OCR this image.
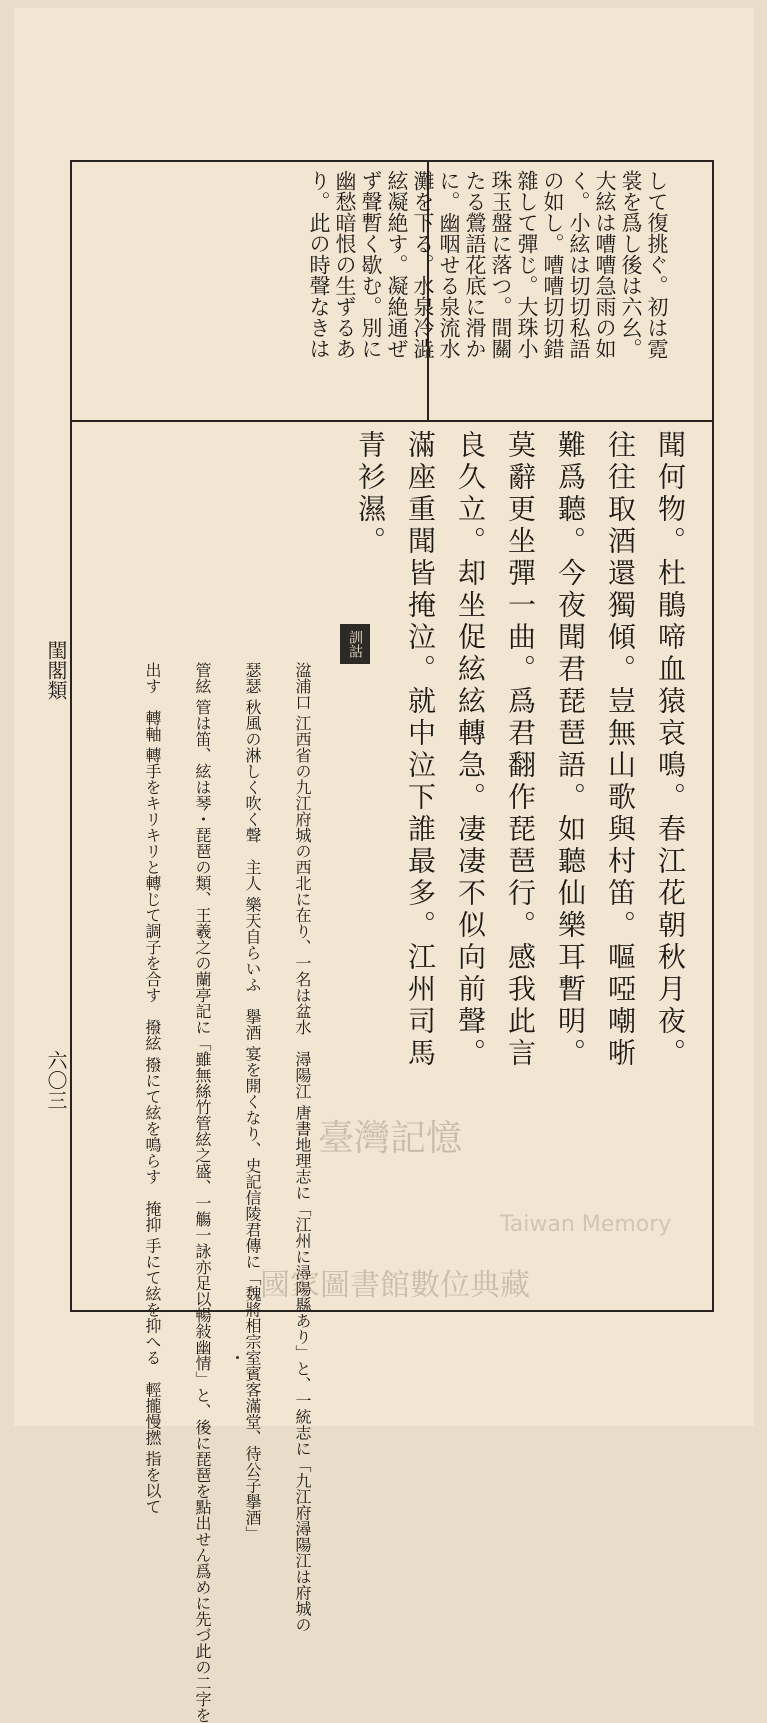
して復挑ぐ。初は霓
裳を爲し後は六幺。
大絃は嘈嘈急雨の如
く。小絃は切切私語
の如し。嘈嘈切切錯
雜して彈じ。大珠小
珠玉盤に落つ。間關
たる鶯語花底に滑か
に。幽咽せる泉流水
灘を下る。水泉冷澁
絃凝絶す。凝絶通ぜ
ず聲暫く歇む。別に
幽愁暗恨の生ずるあ
り。此の時聲なきは
聞何物。杜鵑啼血猿哀鳴。春江花朝秋月夜。
往往取酒還獨傾。豈無山歌與村笛。嘔啞嘲哳
難爲聽。今夜聞君琵琶語。如聽仙樂耳暫明。
莫辭更坐彈一曲。爲君翻作琵琶行。感我此言
良久立。却坐促絃絃轉急。凄凄不似向前聲。
滿座重聞皆掩泣。就中泣下誰最多。江州司馬
青衫濕。
訓詁
湓浦口 江西省の九江府城の西北に在り、一名は盆水　潯陽江 唐書地理志に「江州に潯陽縣あり」と、一統志に「九江府潯陽江は府城の
瑟瑟 秋風の淋しく吹く聲　主人 樂天自らいふ　擧酒 宴を開くなり、史記信陵君傳に「魏將相宗室賓客滿堂、待公子擧酒」
管絃 管は笛、絃は琴・琵琶の類、王羲之の蘭亭記に「雖無絲竹管絃之盛、一觴一詠亦足以暢敍幽情」と、後に琵琶を點出せん爲めに先づ此の二字を
出す　轉軸 轉手をキリキリと轉じて調子を合す　撥絃 撥にて絃を鳴らす　掩抑 手にて絃を抑へる　輕攏慢撚 指を以て
閨閣類
六〇三
臺灣記憶
Taiwan Memory
國家圖書館數位典藏
